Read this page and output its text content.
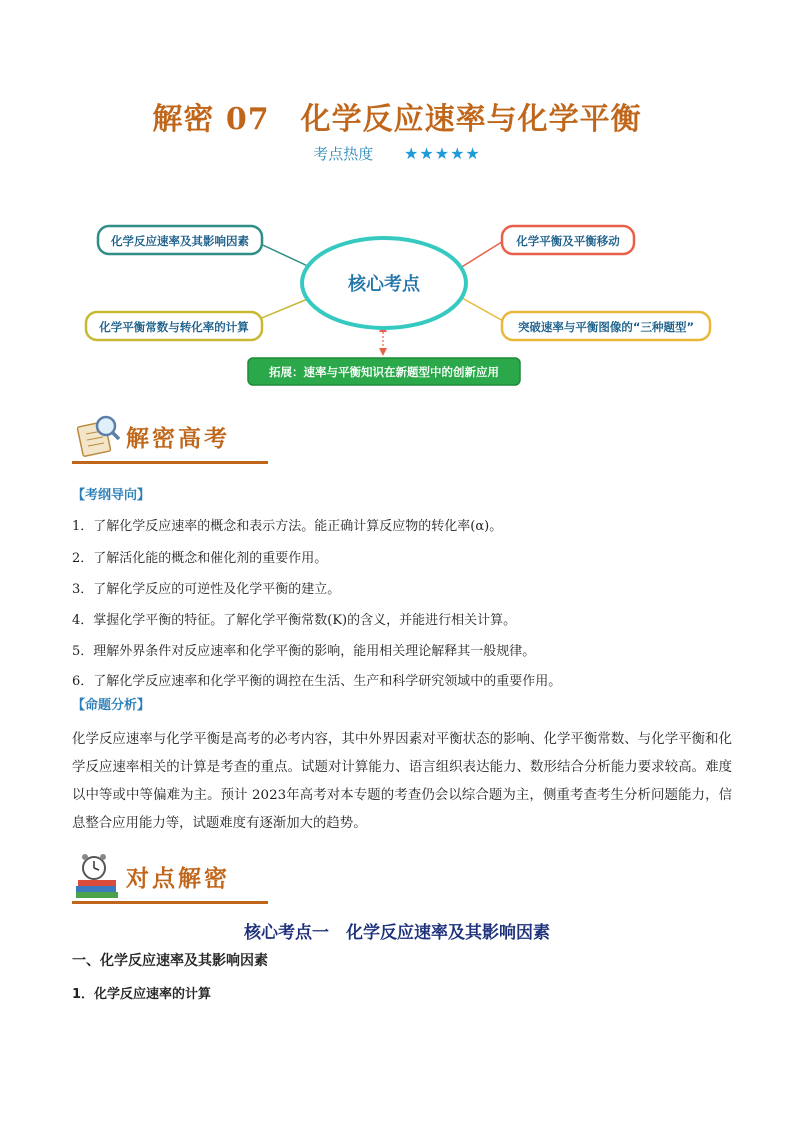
解密 07　化学反应速率与化学平衡
考点热度 ★★★★★
核心考点
化学反应速率及其影响因素	化学平衡及平衡移动
化学平衡常数与转化率的计算	突破速率与平衡图像的“三种题型”
拓展：速率与平衡知识在新题型中的创新应用
解密高考
【考纲导向】
1．了解化学反应速率的概念和表示方法。能正确计算反应物的转化率(α)。
2．了解活化能的概念和催化剂的重要作用。
3．了解化学反应的可逆性及化学平衡的建立。
4．掌握化学平衡的特征。了解化学平衡常数(K)的含义，并能进行相关计算。
5．理解外界条件对反应速率和化学平衡的影响，能用相关理论解释其一般规律。
6．了解化学反应速率和化学平衡的调控在生活、生产和科学研究领域中的重要作用。
【命题分析】
化学反应速率与化学平衡是高考的必考内容，其中外界因素对平衡状态的影响、化学平衡常数、与化学平衡和化学反应速率相关的计算是考查的重点。试题对计算能力、语言组织表达能力、数形结合分析能力要求较高。难度以中等或中等偏难为主。预计 2023年高考对本专题的考查仍会以综合题为主，侧重考查考生分析问题能力，信息整合应用能力等，试题难度有逐渐加大的趋势。
对点解密
核心考点一　化学反应速率及其影响因素
一、化学反应速率及其影响因素
1．化学反应速率的计算
